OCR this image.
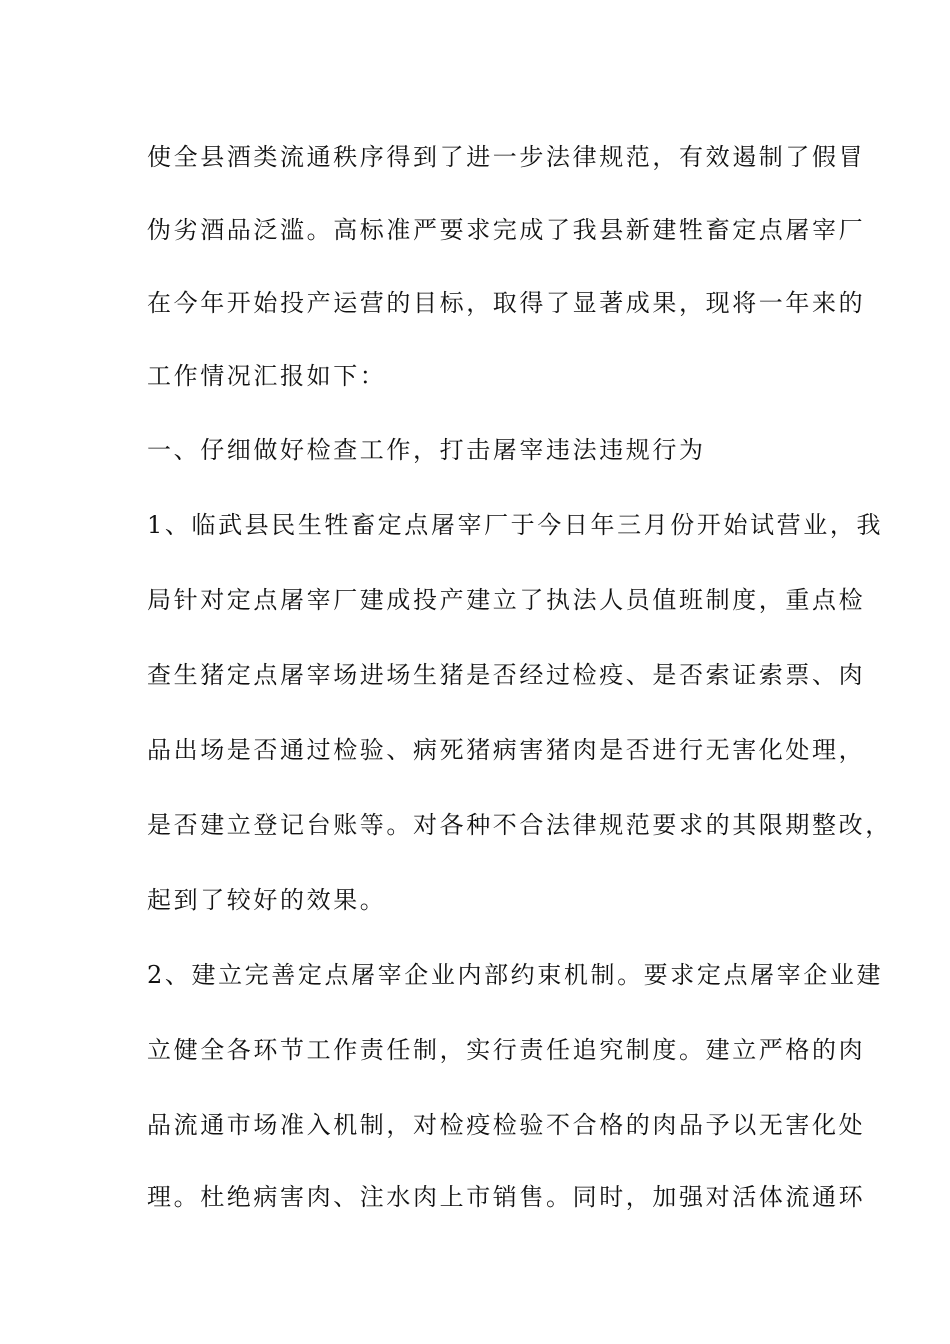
使全县酒类流通秩序得到了进一步法律规范，有效遏制了假冒
伪劣酒品泛滥。高标准严要求完成了我县新建牲畜定点屠宰厂
在今年开始投产运营的目标，取得了显著成果，现将一年来的
工作情况汇报如下：
一、仔细做好检查工作，打击屠宰违法违规行为
1、临武县民生牲畜定点屠宰厂于今日年三月份开始试营业，我
局针对定点屠宰厂建成投产建立了执法人员值班制度，重点检
查生猪定点屠宰场进场生猪是否经过检疫、是否索证索票、肉
品出场是否通过检验、病死猪病害猪肉是否进行无害化处理，
是否建立登记台账等。对各种不合法律规范要求的其限期整改，
起到了较好的效果。
2、建立完善定点屠宰企业内部约束机制。要求定点屠宰企业建
立健全各环节工作责任制，实行责任追究制度。建立严格的肉
品流通市场准入机制，对检疫检验不合格的肉品予以无害化处
理。杜绝病害肉、注水肉上市销售。同时，加强对活体流通环
